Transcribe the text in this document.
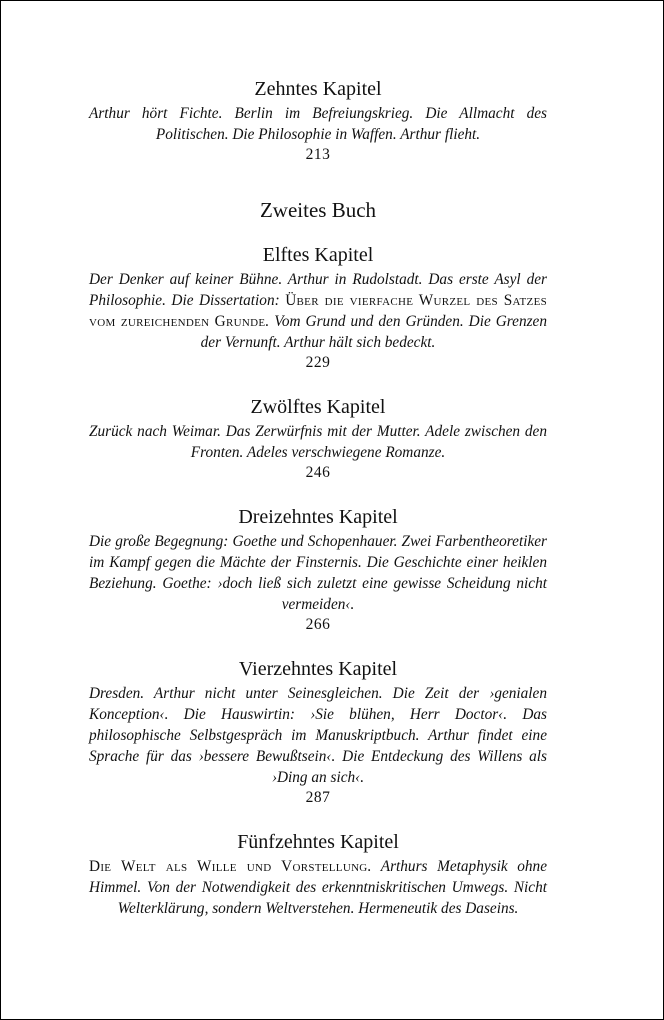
Zehntes Kapitel

Arthur hört Fichte. Berlin im Befreiungskrieg. Die Allmacht des Politischen. Die Philosophie in Waffen. Arthur flieht.

213

Zweites Buch
Elftes Kapitel

Der Denker auf keiner Bühne. Arthur in Rudolstadt. Das erste Asyl der Philosophie. Die Dissertation: Über die vierfache Wurzel des Satzes vom zureichenden Grunde. Vom Grund und den Gründen. Die Grenzen der Vernunft. Arthur hält sich bedeckt.

229

Zwölftes Kapitel

Zurück nach Weimar. Das Zerwürfnis mit der Mutter. Adele zwischen den Fronten. Adeles verschwiegene Romanze.

246

Dreizehntes Kapitel

Die große Begegnung: Goethe und Schopenhauer. Zwei Farbentheoretiker im Kampf gegen die Mächte der Finsternis. Die Geschichte einer heiklen Beziehung. Goethe: ›doch ließ sich zuletzt eine gewisse Scheidung nicht vermeiden‹.

266

Vierzehntes Kapitel

Dresden. Arthur nicht unter Seinesgleichen. Die Zeit der ›genialen Konception‹. Die Hauswirtin: ›Sie blühen, Herr Doctor‹. Das philosophische Selbstgespräch im Manuskriptbuch. Arthur findet eine Sprache für das ›bessere Bewußtsein‹. Die Entdeckung des Willens als ›Ding an sich‹.

287

Fünfzehntes Kapitel

Die Welt als Wille und Vorstellung. Arthurs Metaphysik ohne Himmel. Von der Notwendigkeit des erkenntniskritischen Umwegs. Nicht Welterklärung, sondern Weltverstehen. Hermeneutik des Daseins.
